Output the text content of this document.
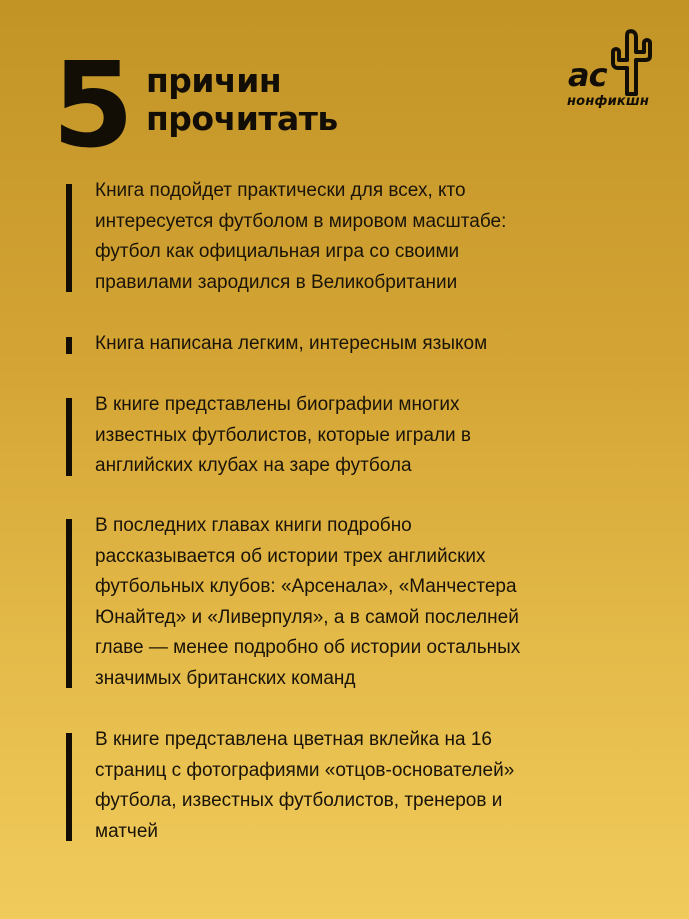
5 причин
прочитать
ас
нонфикшн

Книга подойдет практически для всех, кто
интересуется футболом в мировом масштабе:
футбол как официальная игра со своими
правилами зародился в Великобритании

Книга написана легким, интересным языком

В книге представлены биографии многих
известных футболистов, которые играли в
английских клубах на заре футбола

В последних главах книги подробно
рассказывается об истории трех английских
футбольных клубов: «Арсенала», «Манчестера
Юнайтед» и «Ливерпуля», а в самой послелней
главе — менее подробно об истории остальных
значимых британских команд

В книге представлена цветная вклейка на 16
страниц с фотографиями «отцов-основателей»
футбола, известных футболистов, тренеров и
матчей
